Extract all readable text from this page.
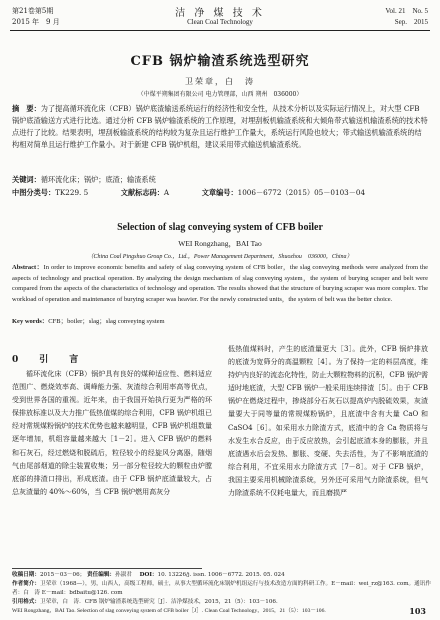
第21卷第5期
2015 年　9 月
洁 净 煤 技 术
Clean Coal Technology
Vol. 21　No. 5
Sep.　2015
CFB 锅炉输渣系统选型研究
卫荣章，白　涛
（中煤平朔集团有限公司 电力管理部，山西 朔州　036000）
摘　要：为了提高循环流化床（CFB）锅炉底渣输送系统运行的经济性和安全性，从技术分析以及实际运行情况上，对大型 CFB 锅炉底渣输送方式进行比选。通过分析 CFB 锅炉输渣系统的工作原理，对埋刮板机输渣系统和大倾角带式输送机输渣系统的技术特点进行了比较。结果表明，埋刮板输渣系统的结构较为复杂且运行维护工作量大，系统运行风险也较大；带式输送机输渣系统的结构相对简单且运行维护工作量小。对于新建 CFB 锅炉机组，建议采用带式输送机输渣系统。
关键词：循环流化床；锅炉；底渣；输渣系统
中图分类号：TK229. 5	文献标志码：A	文章编号：1006－6772（2015）05－0103－04
Selection of slag conveying system of CFB boiler
WEI Rongzhang，BAI Tao
（China Coal Pingshuo Group Co.，Ltd.，Power Management Department，Shuozhou　036000，China）
Abstract：In order to improve economic benefits and safety of slag conveying system of CFB boiler，the slag conveying methods were analyzed from the aspects of technology and practical operation. By analyzing the design mechanism of slag conveying system，the system of burying scraper and belt were compared from the aspects of the characteristics of technology and operation. The results showed that the structure of burying scraper was more complex. The workload of operation and maintenance of burying scraper was heavier. For the newly constructed units，the system of belt was the better choice.
Key words：CFB；boiler；slag；slag conveying system
0　引　言

循环流化床（CFB）锅炉具有良好的煤种适应性、燃料适应范围广、燃烧效率高、调峰能力强、灰渣综合利用率高等优点，受到世界各国的重视。近年来，由于我国开始执行更为严格的环保排放标准以及大力推广低热值煤的综合利用，CFB 锅炉机组已经对常规煤粉锅炉的技术优势也越来越明显，CFB 锅炉机组数量逐年增加，机组容量越来越大［1－2］。进入 CFB 锅炉的燃料和石灰石，经过燃烧和脱硫后，粒径较小的经旋风分离器，随烟气由尾部烟道的除尘装置收集；另一部分粒径较大的颗粒由炉膛底部的排渣口排出，形成底渣。由于 CFB 锅炉底渣量较大，占总灰渣量的 40%～60%，当 CFB 锅炉燃用高灰分

低热值煤料时，产生的底渣量更大［3］。此外，CFB 锅炉排放的底渣为宽筛分的高温颗粒［4］。为了保持一定的料层高度，维持炉内良好的流态化特性，防止大颗粒物料的沉积，CFB 锅炉需适时地底渣，大型 CFB 锅炉一般采用连续排渣［5］。由于 CFB 锅炉在燃烧过程中，掺烧部分石灰石以提高炉内脱硫效果，灰渣量要大于同等量的常规煤粉锅炉，且底渣中含有大量 CaO 和 CaSO4［6］。如采用水力除渣方式，底渣中的含 Ca 物质将与水发生水合反应，由于反应放热，会引起底渣本身的膨胀，并且底渣遇水后会发热、膨胀、变硬、失去活性，为了不影响底渣的综合利用，不宜采用水力除渣方式［7－8］。对于 CFB 锅炉，我国主要采用机械除渣系统，另外还可采用气力除渣系统，但气力除渣系统不仅耗电量大，而且磨损严

收稿日期：2015－03－06； 责任编辑：孙淑君 DOI：10. 13226/j. issn. 1006－6772. 2015. 05. 024
作者简介：卫荣章（1968—），男，山西人，高级工程师，硕士，从事大型循环流化床锅炉机组运行与技术改造方面的科研工作。E－mail：wei_rz@163. com。通讯作者：白　涛 E－mail：bdbaitu@126. com
引用格式：卫荣章，白　涛．CFB 锅炉输渣系统选型研究［J］．洁净煤技术，2015，21（5）：103－106．
WEI Rongzhang，BAI Tao. Selection of slag conveying system of CFB boiler［J］. Clean Coal Technology，2015，21（5）：103－106.	103
